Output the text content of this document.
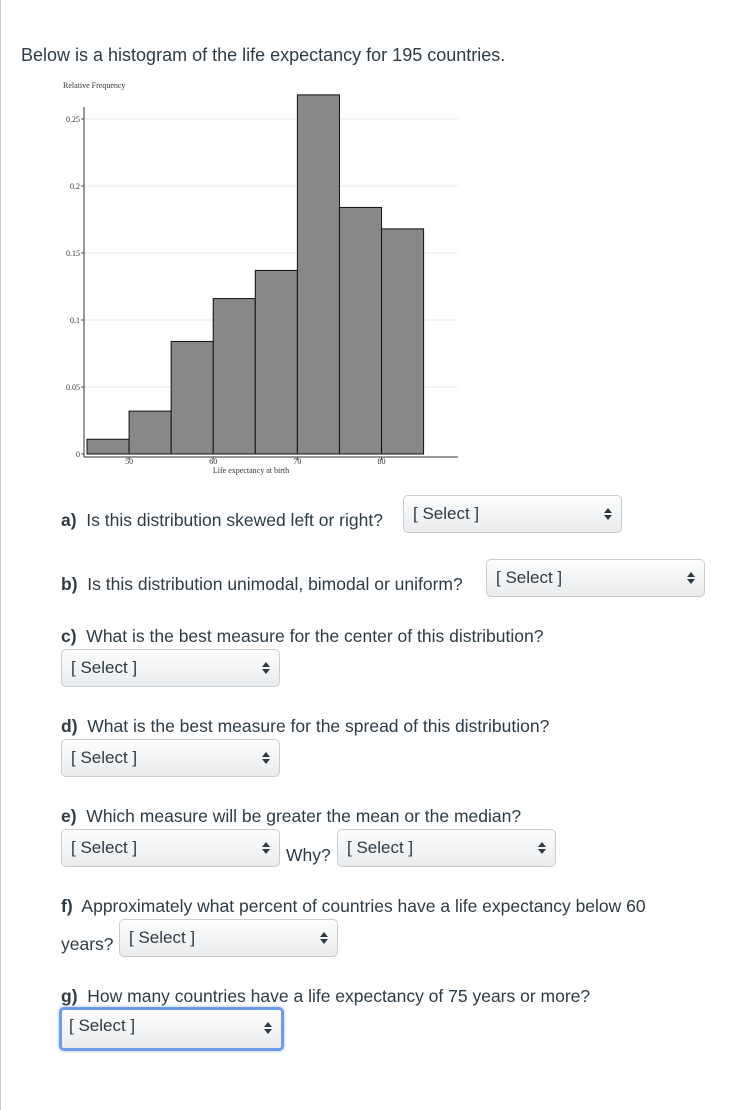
Below is a histogram of the life expectancy for 195 countries.
0
0.05
0.1
0.15
0.2
0.25
50	60	70	80
Relative Frequency
Life expectancy at birth
a) Is this distribution skewed left or right?	[ Select ]
b) Is this distribution unimodal, bimodal or uniform?	[ Select ]
c) What is the best measure for the center of this distribution?
[ Select ]
d) What is the best measure for the spread of this distribution?
[ Select ]
e) Which measure will be greater the mean or the median?
[ Select ]	Why? [ Select ]
f) Approximately what percent of countries have a life expectancy below 60
years? [ Select ]
g) How many countries have a life expectancy of 75 years or more?
[ Select ]
